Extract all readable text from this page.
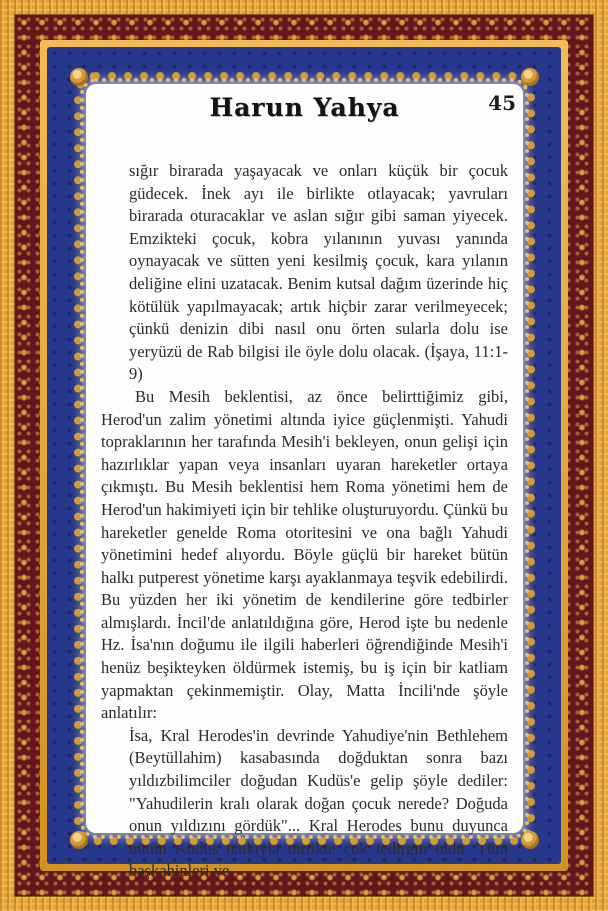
Harun Yahya	45
sığır birarada yaşayacak ve onları küçük bir çocuk güdecek. İnek ayı ile birlikte otlayacak; yavruları birarada oturacaklar ve aslan sığır gibi saman yiyecek. Emzikteki çocuk, kobra yılanının yuvası yanında oynayacak ve sütten yeni kesilmiş çocuk, kara yılanın deliğine elini uzatacak. Benim kutsal dağım üzerinde hiç kötülük yapılmayacak; artık hiçbir zarar verilmeyecek; çünkü denizin dibi nasıl onu örten sularla dolu ise yeryüzü de Rab bilgisi ile öyle dolu olacak. (İşaya, 11:1-9)
Bu Mesih beklentisi, az önce belirttiğimiz gibi, Herod'un zalim yönetimi altında iyice güçlenmişti. Yahudi topraklarının her tarafında Mesih'i bekleyen, onun gelişi için hazırlıklar yapan veya insanları uyaran hareketler ortaya çıkmıştı. Bu Mesih beklentisi hem Roma yönetimi hem de Herod'un hakimiyeti için bir tehlike oluşturuyordu. Çünkü bu hareketler genelde Roma otoritesini ve ona bağlı Yahudi yönetimini hedef alıyordu. Böyle güçlü bir hareket bütün halkı putperest yönetime karşı ayaklanmaya teşvik edebilirdi. Bu yüzden her iki yönetim de kendilerine göre tedbirler almışlardı. İncil'de anlatıldığına göre, Herod işte bu nedenle Hz. İsa'nın doğumu ile ilgili haberleri öğrendiğinde Mesih'i henüz beşikteyken öldürmek istemiş, bu iş için bir katliam yapmaktan çekinmemiştir. Olay, Matta İncili'nde şöyle anlatılır:
İsa, Kral Herodes'in devrinde Yahudiye'nin Bethlehem (Beytüllahim) kasabasında doğduktan sonra bazı yıldızbilimciler doğudan Kudüs'e gelip şöyle dediler: "Yahudilerin kralı olarak doğan çocuk nerede? Doğuda onun yıldızını gördük"... Kral Herodes bunu duyunca bütün Kudüs halkıyla birlikte çok tedirgin oldu. Tüm başkahinleri ve
